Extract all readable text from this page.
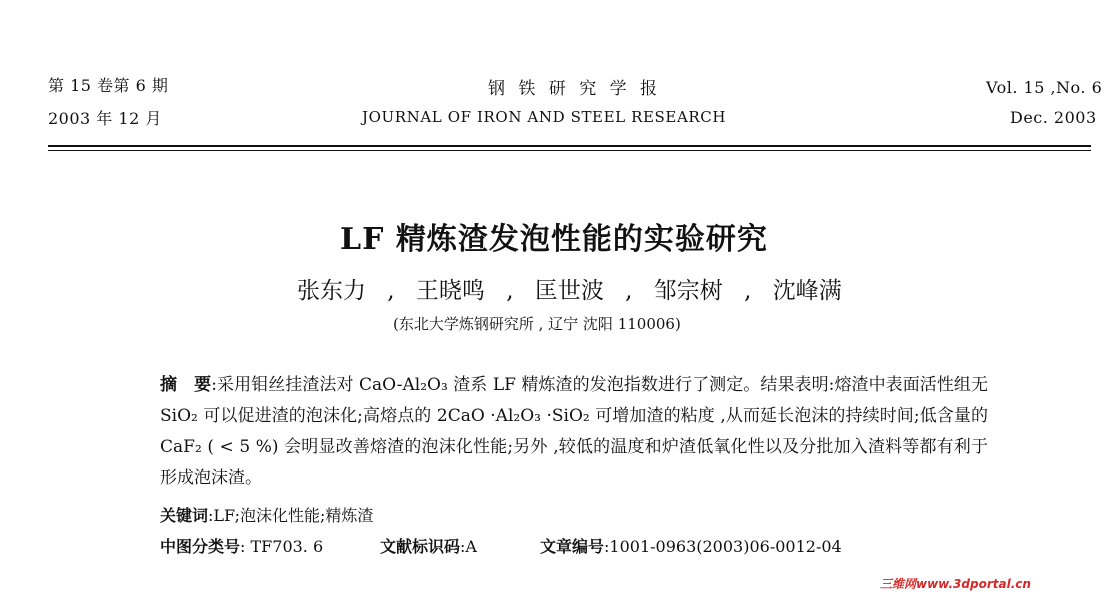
第 15 卷第 6 期
2003 年 12 月
钢 铁 研 究 学 报
JOURNAL OF IRON AND STEEL RESEARCH
Vol. 15 ,No. 6
Dec. 2003
LF 精炼渣发泡性能的实验研究
张东力 , 王晓鸣 , 匡世波 , 邹宗树 , 沈峰满
(东北大学炼钢研究所 , 辽宁 沈阳 110006)
摘　要:采用钼丝挂渣法对 CaO-Al₂O₃ 渣系 LF 精炼渣的发泡指数进行了测定。结果表明:熔渣中表面活性组无 SiO₂ 可以促进渣的泡沫化;高熔点的 2CaO ·Al₂O₃ ·SiO₂ 可增加渣的粘度 ,从而延长泡沫的持续时间;低含量的 CaF₂ ( < 5 %) 会明显改善熔渣的泡沫化性能;另外 ,较低的温度和炉渣低氧化性以及分批加入渣料等都有利于形成泡沫渣。
关键词:LF;泡沫化性能;精炼渣
中图分类号: TF703. 6	文献标识码:A	文章编号:1001-0963(2003)06-0012-04
三维网www.3dportal.cn
